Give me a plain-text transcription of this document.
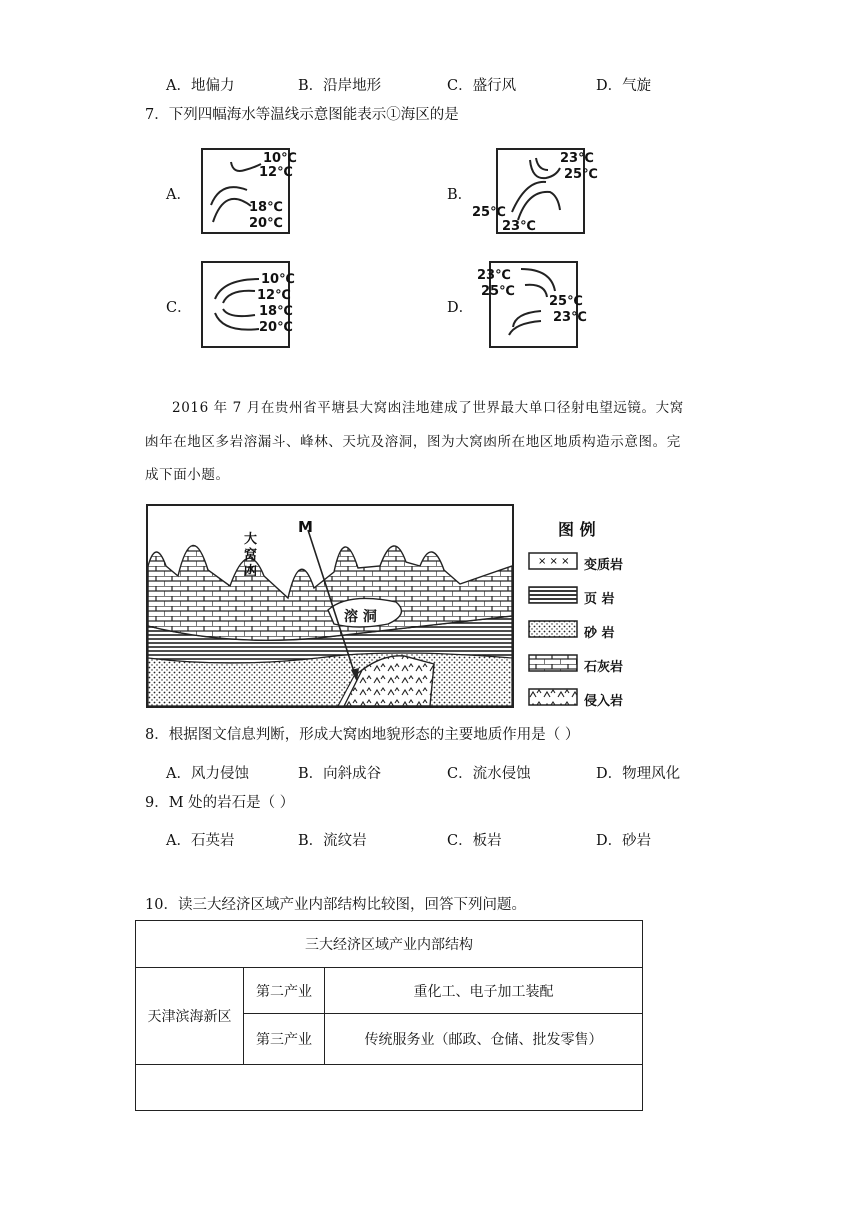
A．地偏力	B．沿岸地形	C．盛行风	D．气旋
7．下列四幅海水等温线示意图能表示①海区的是
A．
10℃
12℃
18℃
20℃
B．
23℃
25℃
25℃
23℃
C．
10℃
12℃
18℃
20℃
D．
23℃
25℃
25℃
23℃
2016 年 7 月在贵州省平塘县大窝凼洼地建成了世界最大单口径射电望远镜。大窝
凼年在地区多岩溶漏斗、峰林、天坑及溶洞，图为大窝凼所在地区地质构造示意图。完
成下面小题。
大
窝
凼
M
溶 洞
图 例
× × × 变质岩
页 岩
砂 岩
石灰岩
侵入岩
8．根据图文信息判断，形成大窝凼地貌形态的主要地质作用是（ ）
A．风力侵蚀	B．向斜成谷	C．流水侵蚀	D．物理风化
9．M 处的岩石是（ ）
A．石英岩	B．流纹岩	C．板岩	D．砂岩
10．读三大经济区域产业内部结构比较图，回答下列问题。
三大经济区域产业内部结构		
天津滨海新区	第二产业	重化工、电子加工装配
	第三产业	传统服务业（邮政、仓储、批发零售）
